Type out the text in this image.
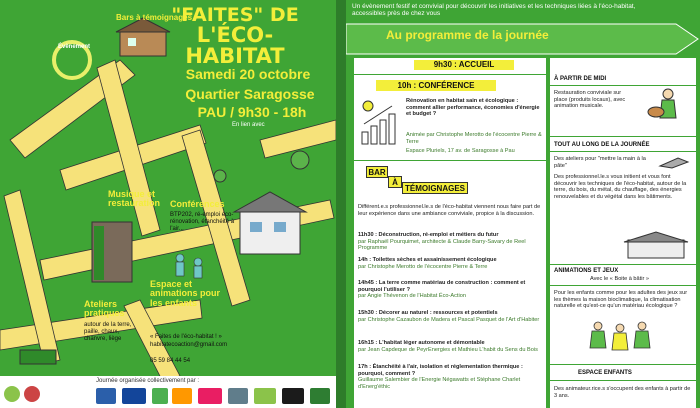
"FAITES" DE
L'ÉCO-HABITAT
Samedi 20 octobre
Quartier Saragosse
PAU / 9h30 - 18h
En lien avec
Bars à témoignages
Évènement
Musique et restauration	Conférences
BTP202, ré-emploi éco-rénovation, étanchéité à l'air...
Espace et animations pour les enfants
Ateliers pratiques
autour de la terre, paille, chaux, chanvre, liège	« Faites de l'éco-habitat ! »
habitatecoaction@gmail.com
05 59 84 44 54
Journée organisée collectivement par :
Un évènement festif et convivial pour découvrir les initiatives et les techniques liées à l'éco-habitat, accessibles près de chez vous
Au programme de la journée
9h30 : ACCUEIL
10h : CONFÉRENCE
Rénovation en habitat sain et écologique : comment allier performance, économies d'énergie et budget ?
Animée par Christophe Merotto de l'écocentre Pierre & Terre
Espace Pluriels, 17 av. de Saragosse à Pau
BAR
À
TÉMOIGNAGES
Différent.e.s professionnel.le.s de l'éco-habitat viennent nous faire part de leur expérience dans une ambiance conviviale, propice à la discussion.
11h30 : Déconstruction, ré-emploi et métiers du futur
par Raphaël Pourquimet, architecte & Claude Barry-Savary de Reel Programme
14h : Toilettes sèches et assainissement écologique
par Christophe Merotto de l'écocentre Pierre & Terre
14h45 : La terre comme matériau de construction : comment et pourquoi l'utiliser ?
par Angie Thévenon de l'Habitat Éco-Action
15h30 : Décorer au naturel : ressources et potentiels
par Christophe Cazaubon de Madera et Pascal Pasquet de l'Art d'Habiter
16h15 : L'habitat léger autonome et démontable
par Jean Capdeque de PeyrEnergies et Mathieu L'habit du Sens du Bois
17h : Étanchéité à l'air, isolation et réglementation thermique : pourquoi, comment ?
Guillaume Salembier de l'Energie Négawatts et Stéphane Charlet d'Energ'éthic
À PARTIR DE MIDI
Restauration conviviale sur place (produits locaux), avec animation musicale.
TOUT AU LONG DE LA JOURNÉE
Des ateliers pour "mettre la main à la pâte"
Des professionnel.le.s vous initient et vous font découvrir les techniques de l'éco-habitat, autour de la terre, du bois, du métal, du chauffage, des énergies renouvelables et du végétal dans les bâtiments.
ANIMATIONS ET JEUX
Avec le « Boite à bâtir »
Pour les enfants comme pour les adultes des jeux sur les thèmes la maison bioclimatique, la climatisation naturelle et qu'est-ce qu'un matériau écologique ?
ESPACE ENFANTS
Des animateur.rice.s s'occupent des enfants à partir de 3 ans.
